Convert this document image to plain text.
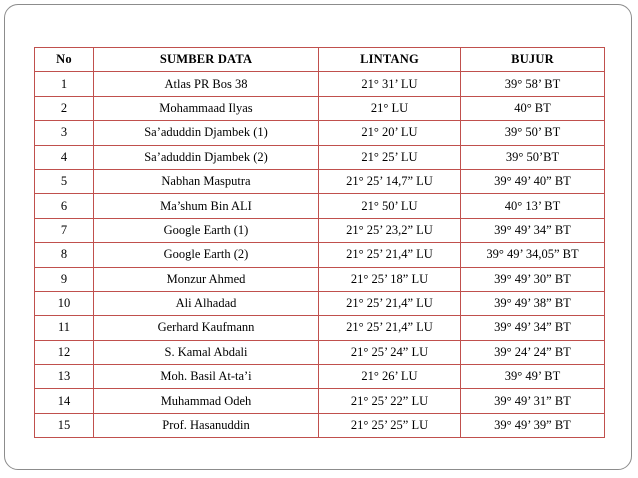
No	SUMBER DATA	LINTANG	BUJUR
1	Atlas PR Bos 38	21° 31’ LU	39° 58’ BT
2	Mohammaad Ilyas	21° LU	40° BT
3	Sa’aduddin Djambek (1)	21° 20’ LU	39° 50’ BT
4	Sa’aduddin Djambek (2)	21° 25’ LU	39° 50’BT
5	Nabhan Masputra	21° 25’ 14,7” LU	39° 49’ 40” BT
6	Ma’shum Bin ALI	21° 50’ LU	40° 13’ BT
7	Google Earth (1)	21° 25’ 23,2” LU	39° 49’ 34” BT
8	Google Earth (2)	21° 25’ 21,4” LU	39° 49’ 34,05” BT
9	Monzur Ahmed	21° 25’ 18” LU	39° 49’ 30” BT
10	Ali Alhadad	21° 25’ 21,4” LU	39° 49’ 38” BT
11	Gerhard Kaufmann	21° 25’ 21,4” LU	39° 49’ 34” BT
12	S. Kamal Abdali	21° 25’ 24” LU	39° 24’ 24” BT
13	Moh. Basil At-ta’i	21° 26’ LU	39° 49’ BT
14	Muhammad Odeh	21° 25’ 22” LU	39° 49’ 31” BT
15	Prof. Hasanuddin	21° 25’ 25” LU	39° 49’ 39” BT
